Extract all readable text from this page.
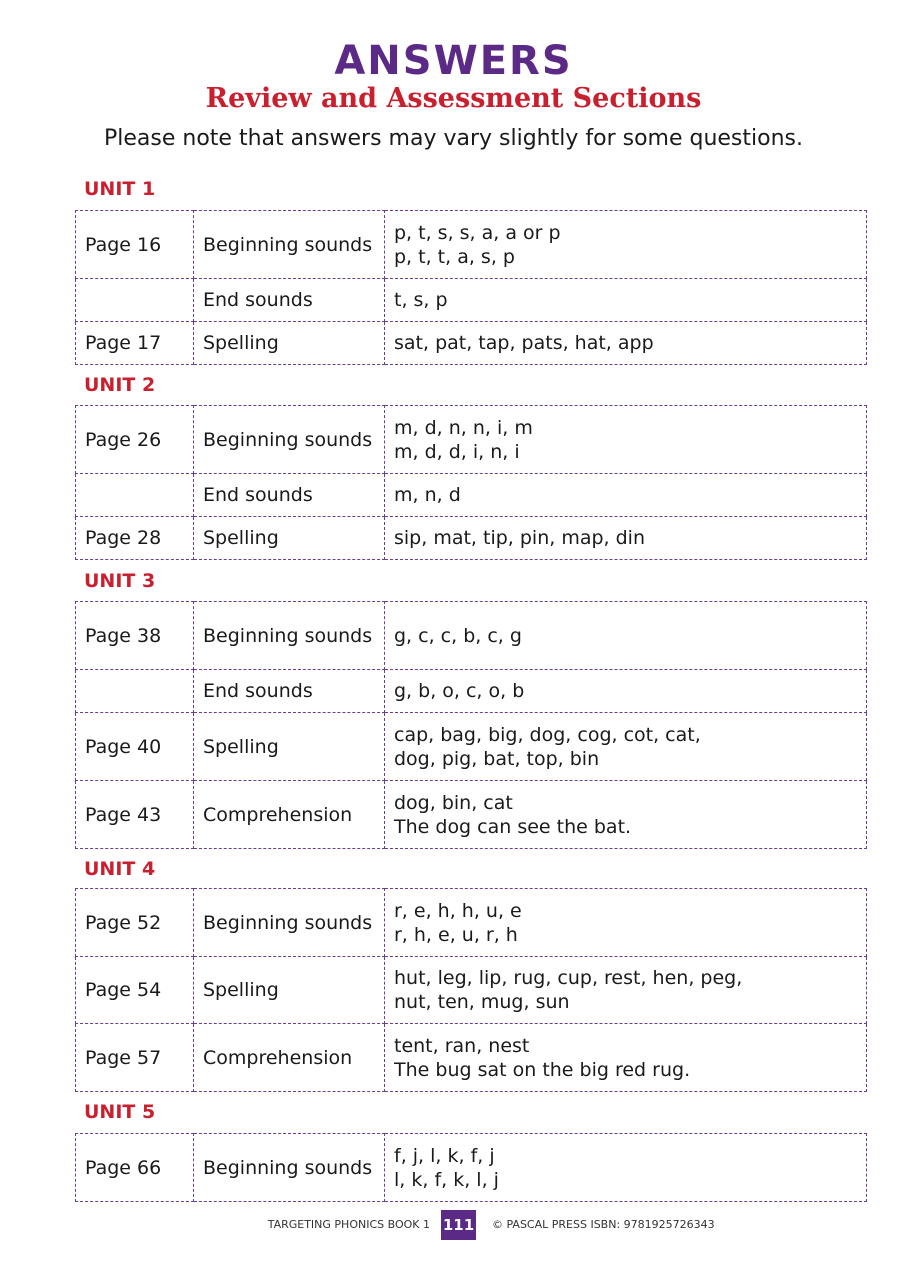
ANSWERS
Review and Assessment Sections
Please note that answers may vary slightly for some questions.
UNIT 1
Page 16	Beginning sounds	p, t, s, s, a, a or p
p, t, t, a, s, p

	End sounds	t, s, p

Page 17	Spelling	sat, pat, tap, pats, hat, app
UNIT 2
Page 26	Beginning sounds	m, d, n, n, i, m
m, d, d, i, n, i

	End sounds	m, n, d

Page 28	Spelling	sip, mat, tip, pin, map, din
UNIT 3
Page 38	Beginning sounds	g, c, c, b, c, g

	End sounds	g, b, o, c, o, b

Page 40	Spelling	cap, bag, big, dog, cog, cot, cat,
dog, pig, bat, top, bin

Page 43	Comprehension	dog, bin, cat
The dog can see the bat.
UNIT 4
Page 52	Beginning sounds	r, e, h, h, u, e
r, h, e, u, r, h

Page 54	Spelling	hut, leg, lip, rug, cup, rest, hen, peg,
nut, ten, mug, sun

Page 57	Comprehension	tent, ran, nest
The bug sat on the big red rug.
UNIT 5
Page 66	Beginning sounds	
f, j, l, k, f, j
l, k, f, k, l, j
TARGETING PHONICS BOOK 1 111 © PASCAL PRESS ISBN: 9781925726343
